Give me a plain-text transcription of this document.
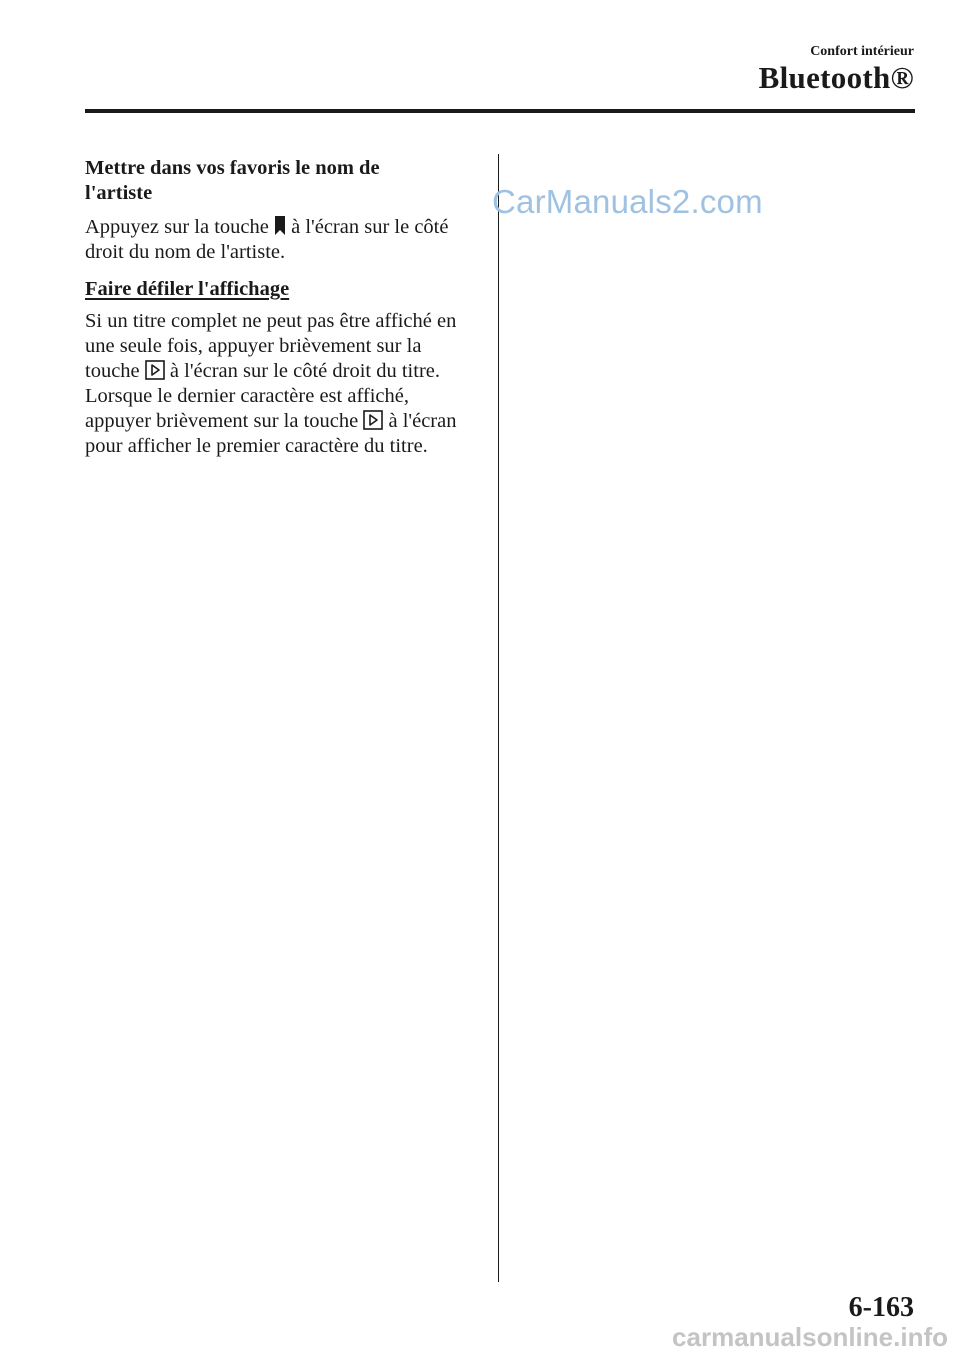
Confort intérieur
Bluetooth®
Mettre dans vos favoris le nom de
l'artiste

Appuyez sur la touche
à l'écran sur le côté droit du nom de l'artiste.

Faire défiler l'affichage

Si un titre complet ne peut pas être affiché en une seule fois, appuyer brièvement sur la touche
à l'écran sur le côté droit du titre.

Lorsque le dernier caractère est affiché, appuyer brièvement sur la touche
à l'écran pour afficher le premier caractère du titre.

CarManuals2.com
6-163
carmanualsonline.info
